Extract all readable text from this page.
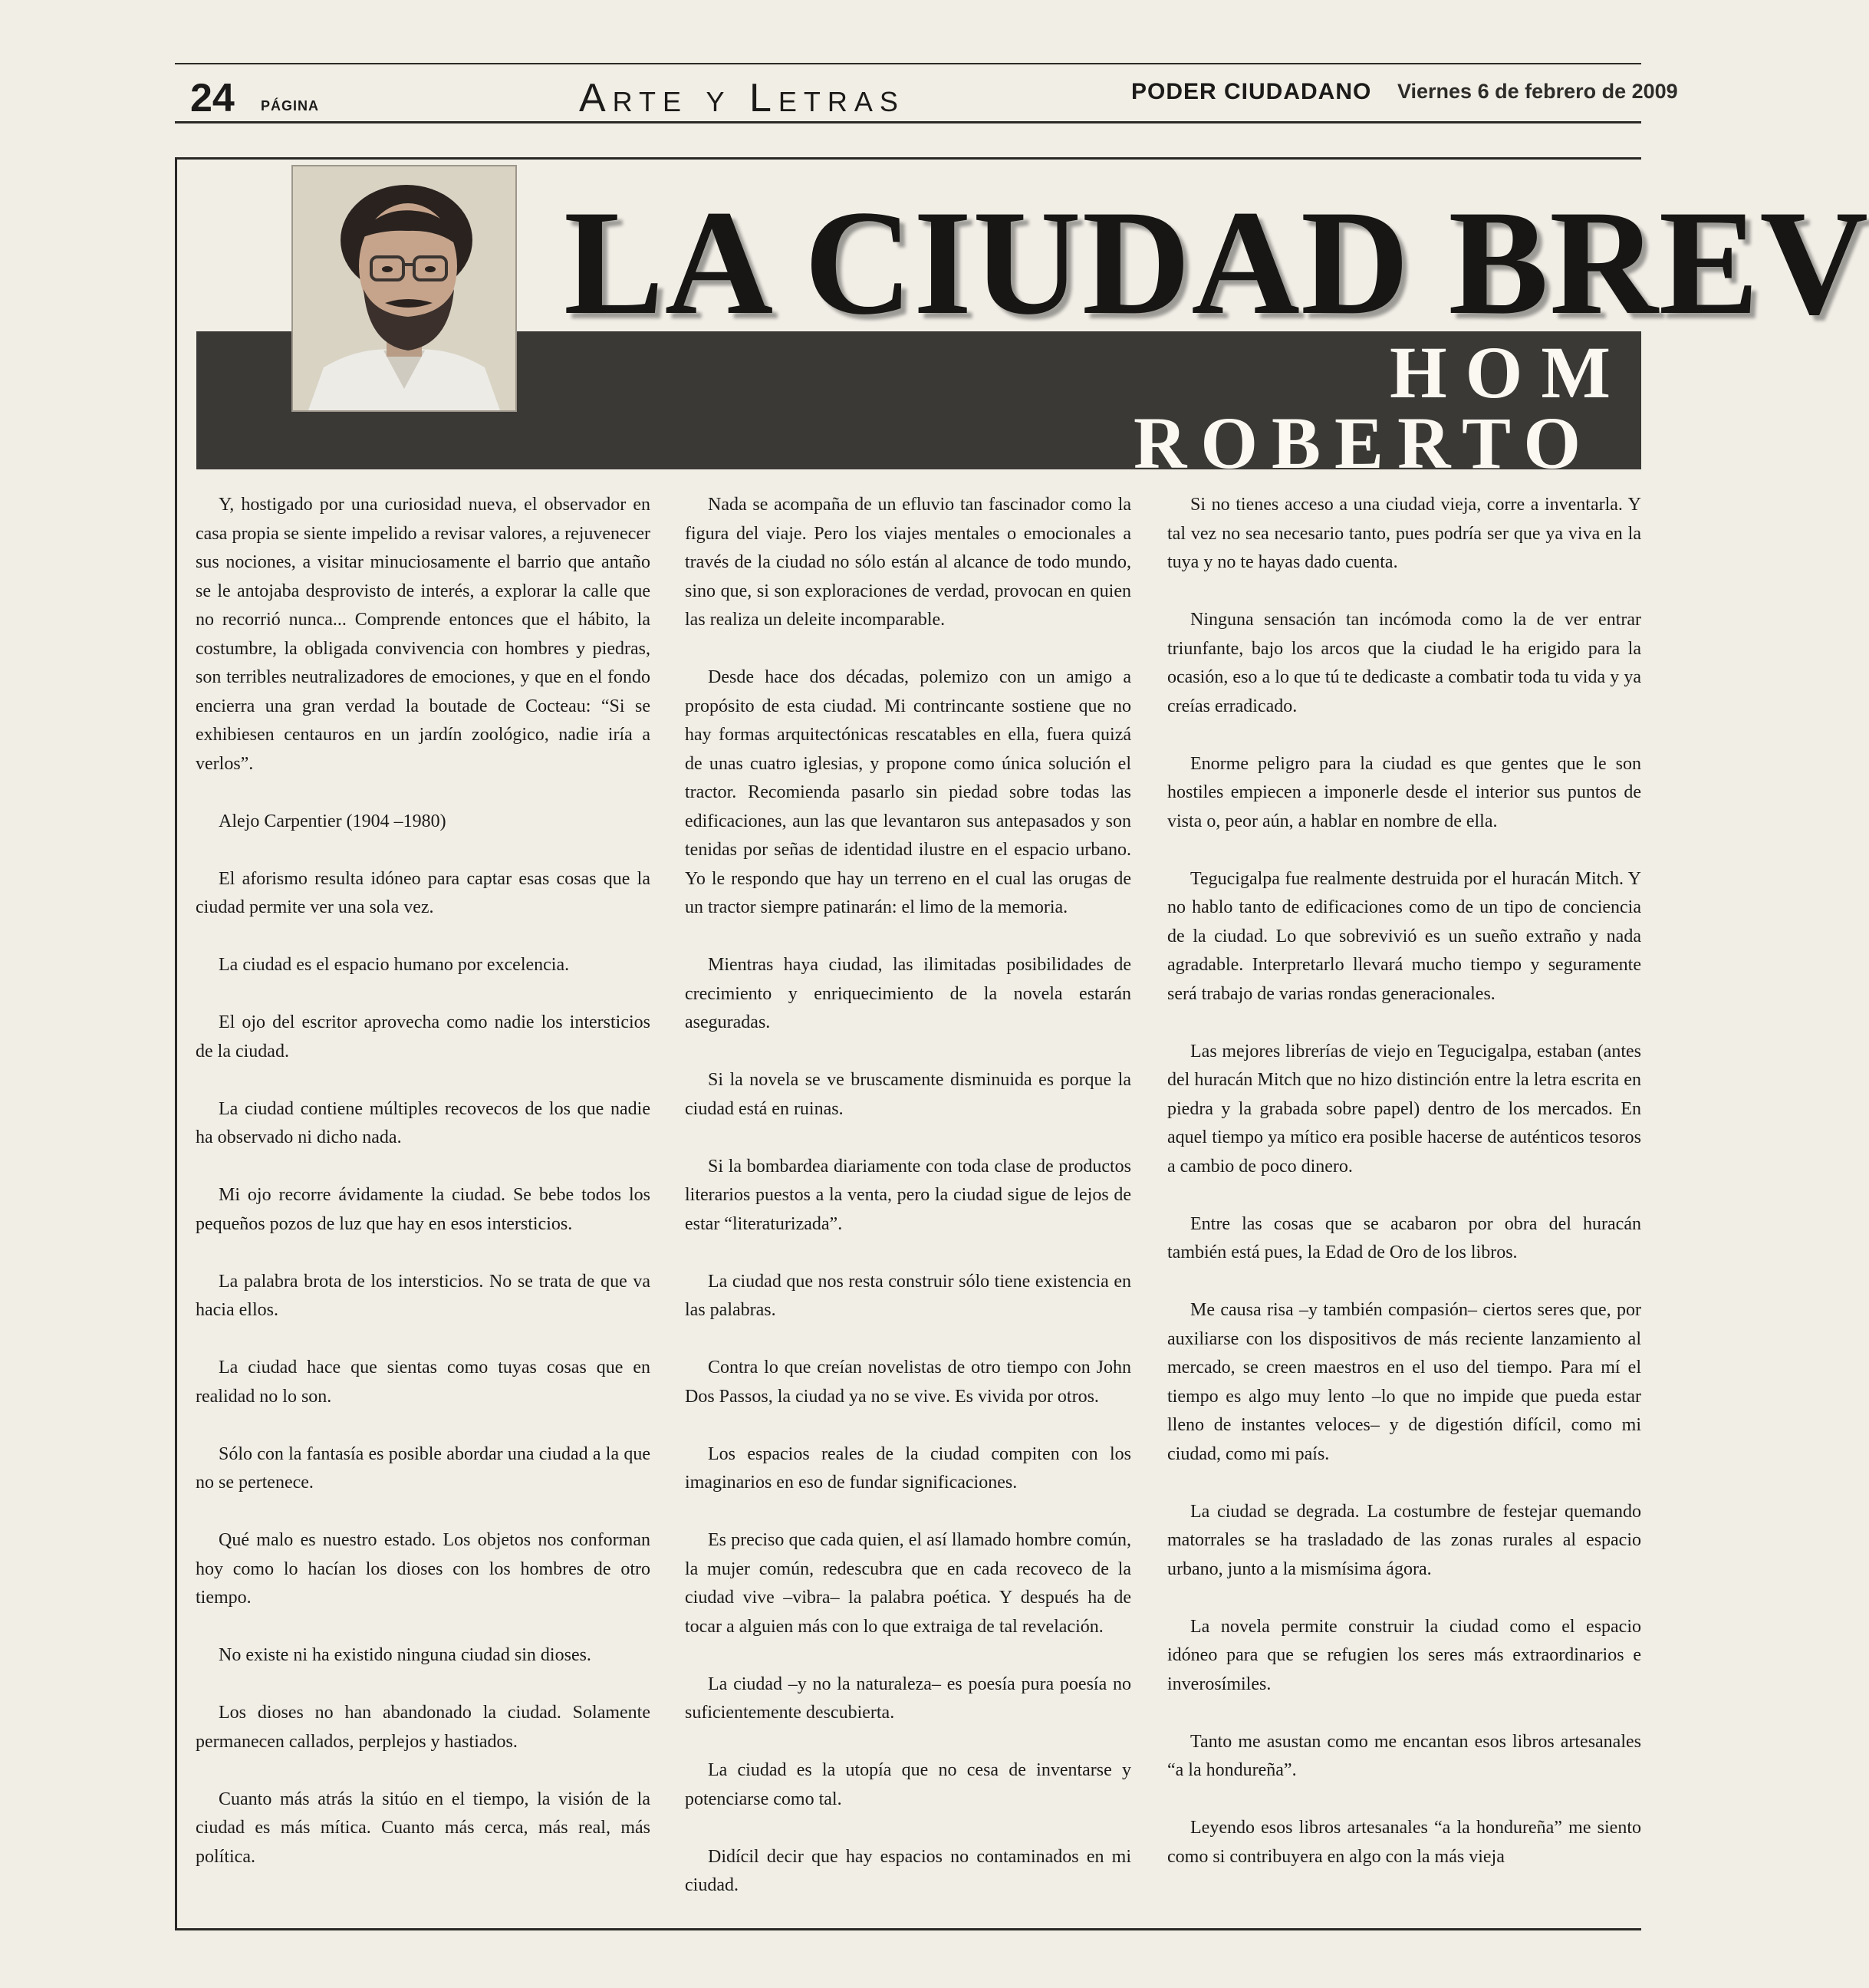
24 PÁGINA	Arte y Letras	PODER CIUDADANO Viernes 6 de febrero de 2009
LA CIUDAD BREV
HOM
ROBERTO

Y, hostigado por una curiosidad nueva, el observador en casa propia se siente impelido a revisar valores, a rejuvenecer sus nociones, a visitar minuciosamente el barrio que antaño se le antojaba desprovisto de interés, a explorar la calle que no recorrió nunca... Comprende entonces que el hábito, la costumbre, la obligada convivencia con hombres y piedras, son terribles neutralizadores de emociones, y que en el fondo encierra una gran verdad la boutade de Cocteau: “Si se exhibiesen centauros en un jardín zoológico, nadie iría a verlos”.

Alejo Carpentier (1904 –1980)

El aforismo resulta idóneo para captar esas cosas que la ciudad permite ver una sola vez.

La ciudad es el espacio humano por excelencia.

El ojo del escritor aprovecha como nadie los intersticios de la ciudad.

La ciudad contiene múltiples recovecos de los que nadie ha observado ni dicho nada.

Mi ojo recorre ávidamente la ciudad. Se bebe todos los pequeños pozos de luz que hay en esos intersticios.

La palabra brota de los intersticios. No se trata de que va hacia ellos.

La ciudad hace que sientas como tuyas cosas que en realidad no lo son.

Sólo con la fantasía es posible abordar una ciudad a la que no se pertenece.

Qué malo es nuestro estado. Los objetos nos conforman hoy como lo hacían los dioses con los hombres de otro tiempo.

No existe ni ha existido ninguna ciudad sin dioses.

Los dioses no han abandonado la ciudad. Solamente permanecen callados, perplejos y hastiados.

Cuanto más atrás la sitúo en el tiempo, la visión de la ciudad es más mítica. Cuanto más cerca, más real, más política.

Nada se acompaña de un efluvio tan fascinador como la figura del viaje. Pero los viajes mentales o emocionales a través de la ciudad no sólo están al alcance de todo mundo, sino que, si son exploraciones de verdad, provocan en quien las realiza un deleite incomparable.

Desde hace dos décadas, polemizo con un amigo a propósito de esta ciudad. Mi contrincante sostiene que no hay formas arquitectónicas rescatables en ella, fuera quizá de unas cuatro iglesias, y propone como única solución el tractor. Recomienda pasarlo sin piedad sobre todas las edificaciones, aun las que levantaron sus antepasados y son tenidas por señas de identidad ilustre en el espacio urbano. Yo le respondo que hay un terreno en el cual las orugas de un tractor siempre patinarán: el limo de la memoria.

Mientras haya ciudad, las ilimitadas posibilidades de crecimiento y enriquecimiento de la novela estarán aseguradas.

Si la novela se ve bruscamente disminuida es porque la ciudad está en ruinas.

Si la bombardea diariamente con toda clase de productos literarios puestos a la venta, pero la ciudad sigue de lejos de estar “literaturizada”.

La ciudad que nos resta construir sólo tiene existencia en las palabras.

Contra lo que creían novelistas de otro tiempo con John Dos Passos, la ciudad ya no se vive. Es vivida por otros.

Los espacios reales de la ciudad compiten con los imaginarios en eso de fundar significaciones.

Es preciso que cada quien, el así llamado hombre común, la mujer común, redescubra que en cada recoveco de la ciudad vive –vibra– la palabra poética. Y después ha de tocar a alguien más con lo que extraiga de tal revelación.

La ciudad –y no la naturaleza– es poesía pura poesía no suficientemente descubierta.

La ciudad es la utopía que no cesa de inventarse y potenciarse como tal.

Didícil decir que hay espacios no contaminados en mi ciudad.

Si no tienes acceso a una ciudad vieja, corre a inventarla. Y tal vez no sea necesario tanto, pues podría ser que ya viva en la tuya y no te hayas dado cuenta.

Ninguna sensación tan incómoda como la de ver entrar triunfante, bajo los arcos que la ciudad le ha erigido para la ocasión, eso a lo que tú te dedicaste a combatir toda tu vida y ya creías erradicado.

Enorme peligro para la ciudad es que gentes que le son hostiles empiecen a imponerle desde el interior sus puntos de vista o, peor aún, a hablar en nombre de ella.

Tegucigalpa fue realmente destruida por el huracán Mitch. Y no hablo tanto de edificaciones como de un tipo de conciencia de la ciudad. Lo que sobrevivió es un sueño extraño y nada agradable. Interpretarlo llevará mucho tiempo y seguramente será trabajo de varias rondas generacionales.

Las mejores librerías de viejo en Tegucigalpa, estaban (antes del huracán Mitch que no hizo distinción entre la letra escrita en piedra y la grabada sobre papel) dentro de los mercados. En aquel tiempo ya mítico era posible hacerse de auténticos tesoros a cambio de poco dinero.

Entre las cosas que se acabaron por obra del huracán también está pues, la Edad de Oro de los libros.

Me causa risa –y también compasión– ciertos seres que, por auxiliarse con los dispositivos de más reciente lanzamiento al mercado, se creen maestros en el uso del tiempo. Para mí el tiempo es algo muy lento –lo que no impide que pueda estar lleno de instantes veloces– y de digestión difícil, como mi ciudad, como mi país.

La ciudad se degrada. La costumbre de festejar quemando matorrales se ha trasladado de las zonas rurales al espacio urbano, junto a la mismísima ágora.

La novela permite construir la ciudad como el espacio idóneo para que se refugien los seres más extraordinarios e inverosímiles.

Tanto me asustan como me encantan esos libros artesanales “a la hondureña”.

Leyendo esos libros artesanales “a la hondureña” me siento como si contribuyera en algo con la más vieja
